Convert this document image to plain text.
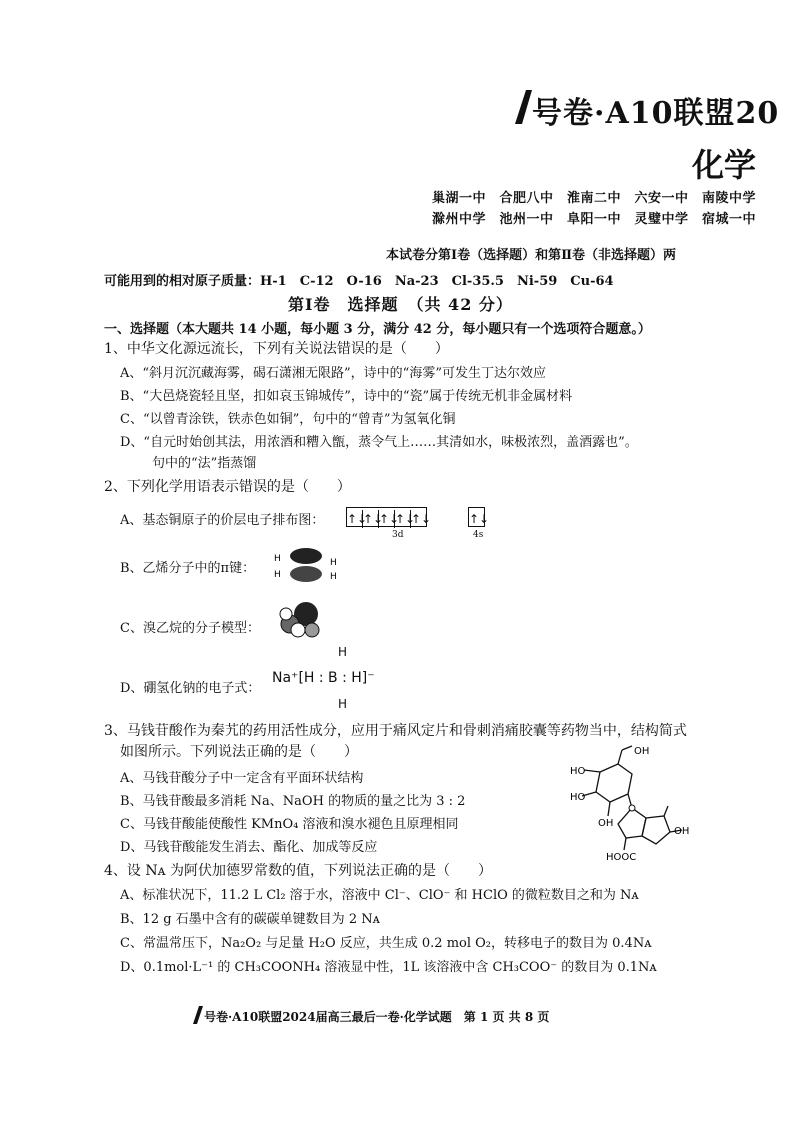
号卷·A10联盟20
化学
巢湖一中　合肥八中　淮南二中　六安一中　南陵中学
滁州中学　池州一中　阜阳一中　灵璧中学　宿城一中
本试卷分第Ⅰ卷（选择题）和第Ⅱ卷（非选择题）两
可能用到的相对原子质量：H-1　C-12　O-16　Na-23　Cl-35.5　Ni-59　Cu-64
第Ⅰ卷　选择题　（共 42 分）
一、选择题（本大题共 14 小题，每小题 3 分，满分 42 分，每小题只有一个选项符合题意。）
1、中华文化源远流长，下列有关说法错误的是（　　）
A、“斜月沉沉藏海雾，碣石潇湘无限路”，诗中的“海雾”可发生丁达尔效应
B、“大邑烧瓷轻且坚，扣如哀玉锦城传”，诗中的“瓷”属于传统无机非金属材料
C、“以曾青涂铁，铁赤色如铜”，句中的“曾青”为氢氧化铜
D、“自元时始创其法，用浓酒和糟入甑，蒸令气上……其清如水，味极浓烈，盖酒露也”。
句中的“法”指蒸馏
2、下列化学用语表示错误的是（　　）
A、基态铜原子的价层电子排布图： ↑↓↑↓↑↓↑↓↑↓	↑↓
3d	4s
B、乙烯分子中的π键：
H
H
H
H
C、溴乙烷的分子模型：
D、硼氢化钠的电子式：
H
Na⁺[H : B : H]⁻
H
3、马钱苷酸作为秦艽的药用活性成分，应用于痛风定片和骨刺消痛胶囊等药物当中，结构简式
如图所示。下列说法正确的是（　　）
A、马钱苷酸分子中一定含有平面环状结构
B、马钱苷酸最多消耗 Na、NaOH 的物质的量之比为 3 : 2
C、马钱苷酸能使酸性 KMnO₄ 溶液和溴水褪色且原理相同
D、马钱苷酸能发生消去、酯化、加成等反应
OH
HO
HO
OH
OH
HOOC
4、设 Nᴀ 为阿伏加德罗常数的值，下列说法正确的是（　　）
A、标准状况下，11.2 L Cl₂ 溶于水，溶液中 Cl⁻、ClO⁻ 和 HClO 的微粒数目之和为 Nᴀ
B、12 g 石墨中含有的碳碳单键数目为 2 Nᴀ
C、常温常压下，Na₂O₂ 与足量 H₂O 反应，共生成 0.2 mol O₂，转移电子的数目为 0.4Nᴀ
D、0.1mol·L⁻¹ 的 CH₃COONH₄ 溶液显中性，1L 该溶液中含 CH₃COO⁻ 的数目为 0.1Nᴀ
号卷·A10联盟2024届高三最后一卷·化学试题　第 1 页 共 8 页
